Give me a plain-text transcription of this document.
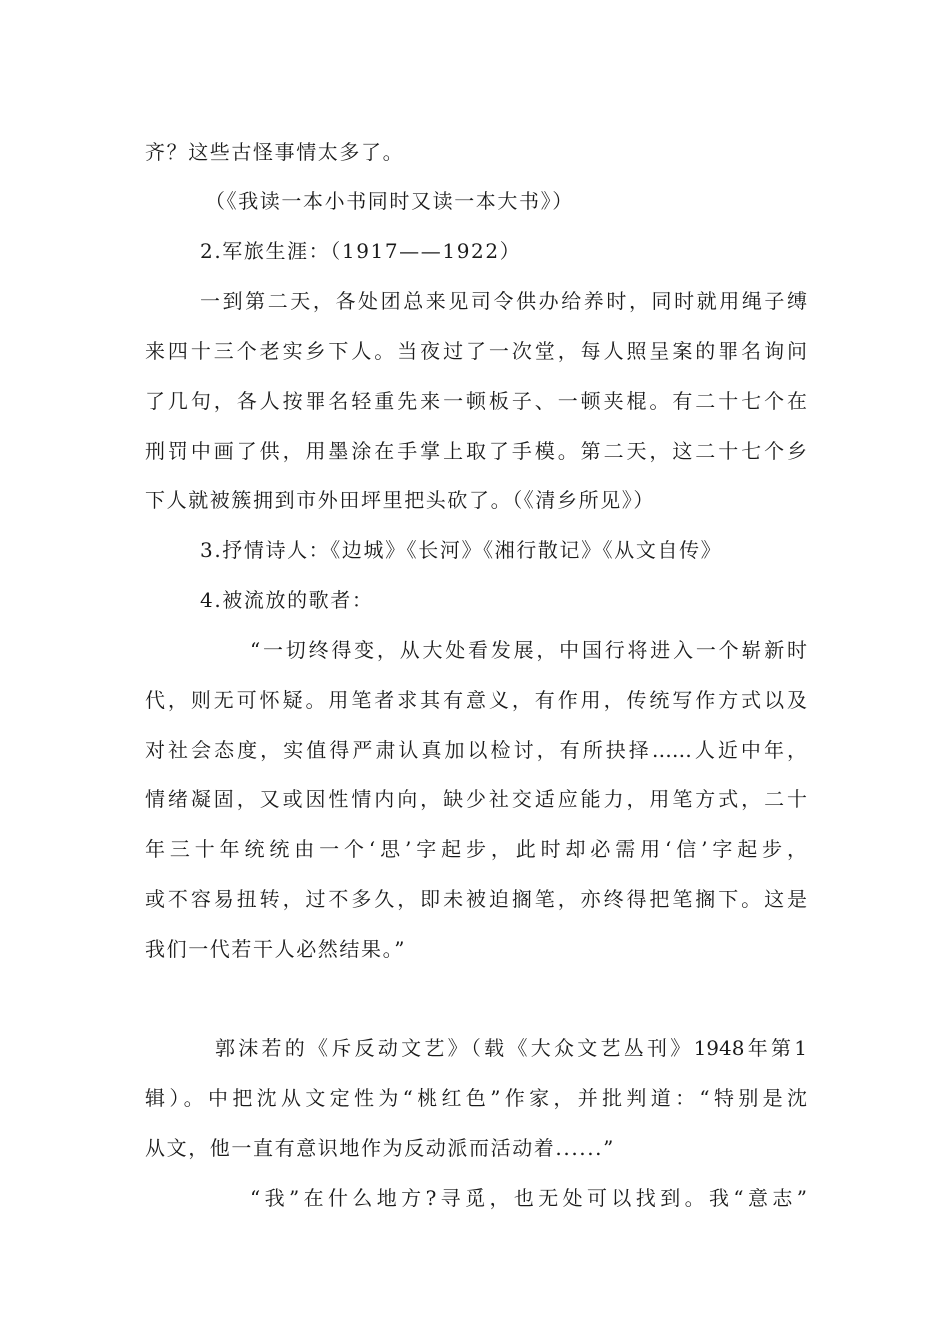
齐？这些古怪事情太多了。
（《我读一本小书同时又读一本大书》）
2.军旅生涯：（1917——1922）
一到第二天，各处团总来见司令供办给养时，同时就用绳子缚
来四十三个老实乡下人。当夜过了一次堂，每人照呈案的罪名询问
了几句，各人按罪名轻重先来一顿板子、一顿夹棍。有二十七个在
刑罚中画了供，用墨涂在手掌上取了手模。第二天，这二十七个乡
下人就被簇拥到市外田坪里把头砍了。（《清乡所见》）
3.抒情诗人：《边城》《长河》《湘行散记》《从文自传》
4.被流放的歌者：
“一切终得变，从大处看发展，中国行将进入一个崭新时
代，则无可怀疑。用笔者求其有意义，有作用，传统写作方式以及
对社会态度，实值得严肃认真加以检讨，有所抉择……人近中年，
情绪凝固，又或因性情内向，缺少社交适应能力，用笔方式，二十
年三十年统统由一个‘思’字起步，此时却必需用‘信’字起步，
或不容易扭转，过不多久，即未被迫搁笔，亦终得把笔搁下。这是
我们一代若干人必然结果。”
郭沫若的《斥反动文艺》（载《大众文艺丛刊》1948年第1
辑）。中把沈从文定性为“桃红色”作家，并批判道：“特别是沈
从文，他一直有意识地作为反动派而活动着......”
“我”在什么地方?寻觅，也无处可以找到。我“意志”
